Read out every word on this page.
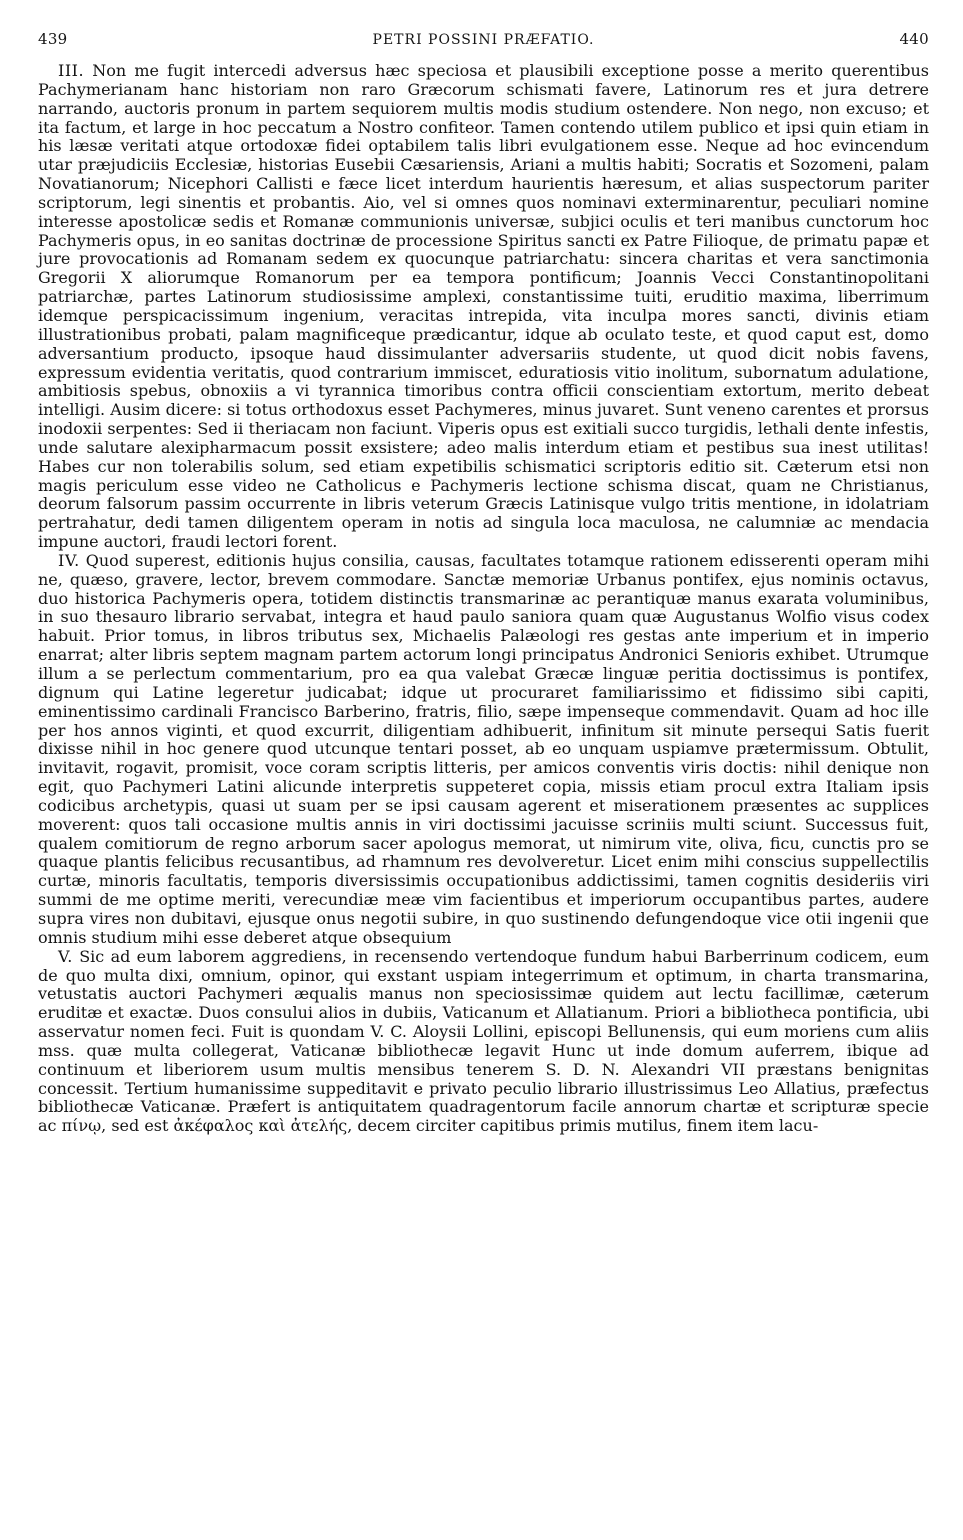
439	PETRI POSSINI PRÆFATIO.	440

III. Non me fugit intercedi adversus hæc speciosa et plausibili exceptione posse a merito querentibus Pachymerianam hanc historiam non raro Græcorum schismati favere, Latinorum res et jura detrere narrando, auctoris pronum in partem sequiorem multis modis studium ostendere. Non nego, non excuso; et ita factum, et large in hoc peccatum a Nostro confiteor. Tamen contendo utilem publico et ipsi quin etiam in his læsæ veritati atque ortodoxæ fidei optabilem talis libri evulgationem esse. Neque ad hoc evincendum utar præjudiciis Ecclesiæ, historias Eusebii Cæsariensis, Ariani a multis habiti; Socratis et Sozomeni, palam Novatianorum; Nicephori Callisti e fæce licet interdum haurientis hæresum, et alias suspectorum pariter scriptorum, legi sinentis et probantis. Aio, vel si omnes quos nominavi exterminarentur, peculiari nomine interesse apostolicæ sedis et Romanæ communionis universæ, subjici oculis et teri manibus cunctorum hoc Pachymeris opus, in eo sanitas doctrinæ de processione Spiritus sancti ex Patre Filioque, de primatu papæ et jure provocationis ad Romanam sedem ex quocunque patriarchatu: sincera charitas et vera sanctimonia Gregorii X aliorumque Romanorum per ea tempora pontificum; Joannis Vecci Constantinopolitani patriarchæ, partes Latinorum studiosissime amplexi, constantissime tuiti, eruditio maxima, liberrimum idemque perspicacissimum ingenium, veracitas intrepida, vita inculpa mores sancti, divinis etiam illustrationibus probati, palam magnificeque prædicantur, idque ab oculato teste, et quod caput est, domo adversantium producto, ipsoque haud dissimulanter adversariis studente, ut quod dicit nobis favens, expressum evidentia veritatis, quod contrarium immiscet, eduratiosis vitio inolitum, subornatum adulatione, ambitiosis spebus, obnoxiis a vi tyrannica timoribus contra officii conscientiam extortum, merito debeat intelligi. Ausim dicere: si totus orthodoxus esset Pachymeres, minus juvaret. Sunt veneno carentes et prorsus inodoxii serpentes: Sed ii theriacam non faciunt. Viperis opus est exitiali succo turgidis, lethali dente infestis, unde salutare alexipharmacum possit exsistere; adeo malis interdum etiam et pestibus sua inest utilitas! Habes cur non tolerabilis solum, sed etiam expetibilis schismatici scriptoris editio sit. Cæterum etsi non magis periculum esse video ne Catholicus e Pachymeris lectione schisma discat, quam ne Christianus, deorum falsorum passim occurrente in libris veterum Græcis Latinisque vulgo tritis mentione, in idolatriam pertrahatur, dedi tamen diligentem operam in notis ad singula loca maculosa, ne calumniæ ac mendacia impune auctori, fraudi lectori forent.

IV. Quod superest, editionis hujus consilia, causas, facultates totamque rationem edisserenti operam mihi ne, quæso, gravere, lector, brevem commodare. Sanctæ memoriæ Urbanus pontifex, ejus nominis octavus, duo historica Pachymeris opera, totidem distinctis transmarinæ ac perantiquæ manus exarata voluminibus, in suo thesauro librario servabat, integra et haud paulo saniora quam quæ Augustanus Wolfio visus codex habuit. Prior tomus, in libros tributus sex, Michaelis Palæologi res gestas ante imperium et in imperio enarrat; alter libris septem magnam partem actorum longi principatus Andronici Senioris exhibet. Utrumque illum a se perlectum commentarium, pro ea qua valebat Græcæ linguæ peritia doctissimus is pontifex, dignum qui Latine legeretur judicabat; idque ut procuraret familiarissimo et fidissimo sibi capiti, eminentissimo cardinali Francisco Barberino, fratris, filio, sæpe impenseque commendavit. Quam ad hoc ille per hos annos viginti, et quod excurrit, diligentiam adhibuerit, infinitum sit minute persequi Satis fuerit dixisse nihil in hoc genere quod utcunque tentari posset, ab eo unquam uspiamve prætermissum. Obtulit, invitavit, rogavit, promisit, voce coram scriptis litteris, per amicos conventis viris doctis: nihil denique non egit, quo Pachymeri Latini alicunde interpretis suppeteret copia, missis etiam procul extra Italiam ipsis codicibus archetypis, quasi ut suam per se ipsi causam agerent et miserationem præsentes ac supplices moverent: quos tali occasione multis annis in viri doctissimi jacuisse scriniis multi sciunt. Successus fuit, qualem comitiorum de regno arborum sacer apologus memorat, ut nimirum vite, oliva, ficu, cunctis pro se quaque plantis felicibus recusantibus, ad rhamnum res devolveretur. Licet enim mihi conscius suppellectilis curtæ, minoris facultatis, temporis diversissimis occupationibus addictissimi, tamen cognitis desideriis viri summi de me optime meriti, verecundiæ meæ vim facientibus et imperiorum occupantibus partes, audere supra vires non dubitavi, ejusque onus negotii subire, in quo sustinendo defungendoque vice otii ingenii que omnis studium mihi esse deberet atque obsequium

V. Sic ad eum laborem aggrediens, in recensendo vertendoque fundum habui Barberrinum codicem, eum de quo multa dixi, omnium, opinor, qui exstant uspiam integerrimum et optimum, in charta transmarina, vetustatis auctori Pachymeri æqualis manus non speciosissimæ quidem aut lectu facillimæ, cæterum eruditæ et exactæ. Duos consului alios in dubiis, Vaticanum et Allatianum. Priori a bibliotheca pontificia, ubi asservatur nomen feci. Fuit is quondam V. C. Aloysii Lollini, episcopi Bellunensis, qui eum moriens cum aliis mss. quæ multa collegerat, Vaticanæ bibliothecæ legavit Hunc ut inde domum auferrem, ibique ad continuum et liberiorem usum multis mensibus tenerem S. D. N. Alexandri VII præstans benignitas concessit. Tertium humanissime suppeditavit e privato peculio librario illustrissimus Leo Allatius, præfectus bibliothecæ Vaticanæ. Præfert is antiquitatem quadragentorum facile annorum chartæ et scripturæ specie ac πίνῳ, sed est ἀκέφαλος καὶ ἀτελής, decem circiter capitibus primis mutilus, finem item lacu-
